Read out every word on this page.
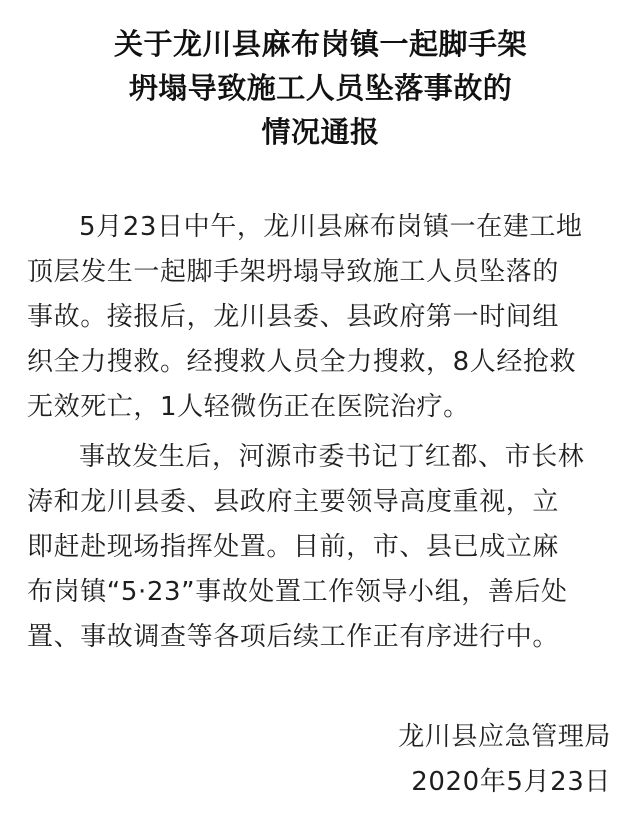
关于龙川县麻布岗镇一起脚手架
坍塌导致施工人员坠落事故的
情况通报
5月23日中午，龙川县麻布岗镇一在建工地
顶层发生一起脚手架坍塌导致施工人员坠落的
事故。接报后，龙川县委、县政府第一时间组
织全力搜救。经搜救人员全力搜救，8人经抢救
无效死亡，1人轻微伤正在医院治疗。
事故发生后，河源市委书记丁红都、市长林
涛和龙川县委、县政府主要领导高度重视，立
即赶赴现场指挥处置。目前，市、县已成立麻
布岗镇“5·23”事故处置工作领导小组，善后处
置、事故调查等各项后续工作正有序进行中。
龙川县应急管理局
2020年5月23日
